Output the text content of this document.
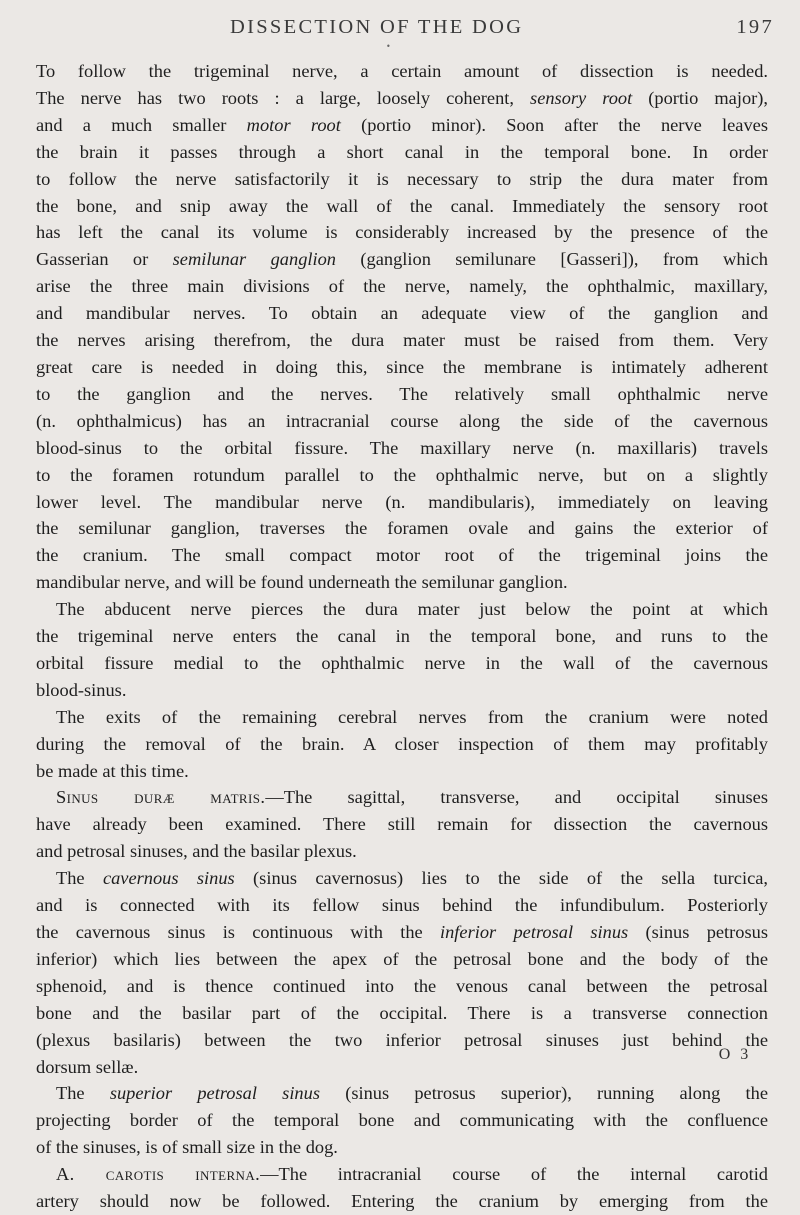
DISSECTION OF THE DOG	197
•
To follow the trigeminal nerve, a certain amount of dissection is needed.
The nerve has two roots : a large, loosely coherent, sensory root (portio major),
and a much smaller motor root (portio minor). Soon after the nerve leaves
the brain it passes through a short canal in the temporal bone. In order
to follow the nerve satisfactorily it is necessary to strip the dura mater from
the bone, and snip away the wall of the canal. Immediately the sensory root
has left the canal its volume is considerably increased by the presence of the
Gasserian or semilunar ganglion (ganglion semilunare [Gasseri]), from which
arise the three main divisions of the nerve, namely, the ophthalmic, maxillary,
and mandibular nerves. To obtain an adequate view of the ganglion and
the nerves arising therefrom, the dura mater must be raised from them. Very
great care is needed in doing this, since the membrane is intimately adherent
to the ganglion and the nerves. The relatively small ophthalmic nerve
(n. ophthalmicus) has an intracranial course along the side of the cavernous
blood-sinus to the orbital fissure. The maxillary nerve (n. maxillaris) travels
to the foramen rotundum parallel to the ophthalmic nerve, but on a slightly
lower level. The mandibular nerve (n. mandibularis), immediately on leaving
the semilunar ganglion, traverses the foramen ovale and gains the exterior of
the cranium. The small compact motor root of the trigeminal joins the
mandibular nerve, and will be found underneath the semilunar ganglion.
The abducent nerve pierces the dura mater just below the point at which
the trigeminal nerve enters the canal in the temporal bone, and runs to the
orbital fissure medial to the ophthalmic nerve in the wall of the cavernous
blood-sinus.
The exits of the remaining cerebral nerves from the cranium were noted
during the removal of the brain. A closer inspection of them may profitably
be made at this time.
Sinus duræ matris.—The sagittal, transverse, and occipital sinuses
have already been examined. There still remain for dissection the cavernous
and petrosal sinuses, and the basilar plexus.
The cavernous sinus (sinus cavernosus) lies to the side of the sella turcica,
and is connected with its fellow sinus behind the infundibulum. Posteriorly
the cavernous sinus is continuous with the inferior petrosal sinus (sinus petrosus
inferior) which lies between the apex of the petrosal bone and the body of the
sphenoid, and is thence continued into the venous canal between the petrosal
bone and the basilar part of the occipital. There is a transverse connection
(plexus basilaris) between the two inferior petrosal sinuses just behind the
dorsum sellæ.
The superior petrosal sinus (sinus petrosus superior), running along the
projecting border of the temporal bone and communicating with the confluence
of the sinuses, is of small size in the dog.
A. carotis interna.—The intracranial course of the internal carotid
artery should now be followed. Entering the cranium by emerging from the
O 3
